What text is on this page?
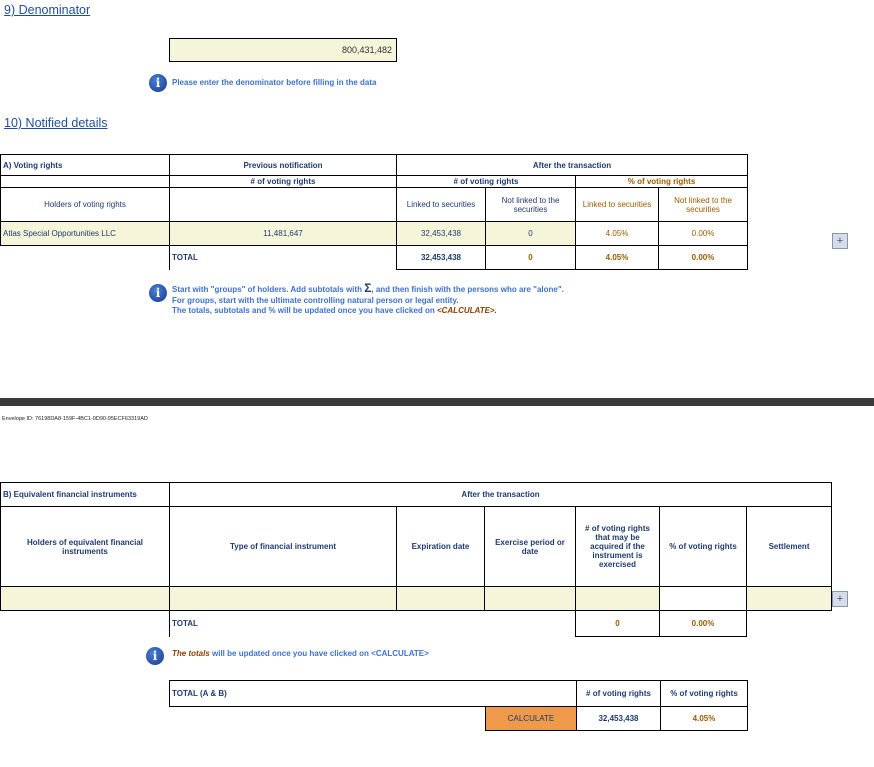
9) Denominator
800,431,482
i	Please enter the denominator before filling in the data
10) Notified details
A) Voting rights	Previous notification	After the transaction			
	# of voting rights	# of voting rights		% of voting rights	
Holders of voting rights		Linked to securities	Not linked to the securities	Linked to securities	Not linked to the securities
Atlas Special Opportunities LLC	11,481,647	32,453,438	0	4.05%	0.00%
	TOTAL	32,453,438	0	4.05%	0.00%
+
i	Start with "groups" of holders. Add subtotals with Σ, and then finish with the persons who are "alone".
For groups, start with the ultimate controlling natural person or legal entity.
The totals, subtotals and % will be updated once you have clicked on <CALCULATE>.
Envelope ID: 76198DA8-159F-4BC1-9D90-95ECF63319AD
B) Equivalent financial instruments	After the transaction					
Holders of equivalent financial instruments	Type of financial instrument	Expiration date	Exercise period or date	# of voting rights that may be acquired if the instrument is exercised	% of voting rights	Settlement

	TOTAL			0	0.00%	
+
i	The totals will be updated once you have clicked on <CALCULATE>
TOTAL (A & B)		# of voting rights	% of voting rights
	CALCULATE	32,453,438	4.05%
